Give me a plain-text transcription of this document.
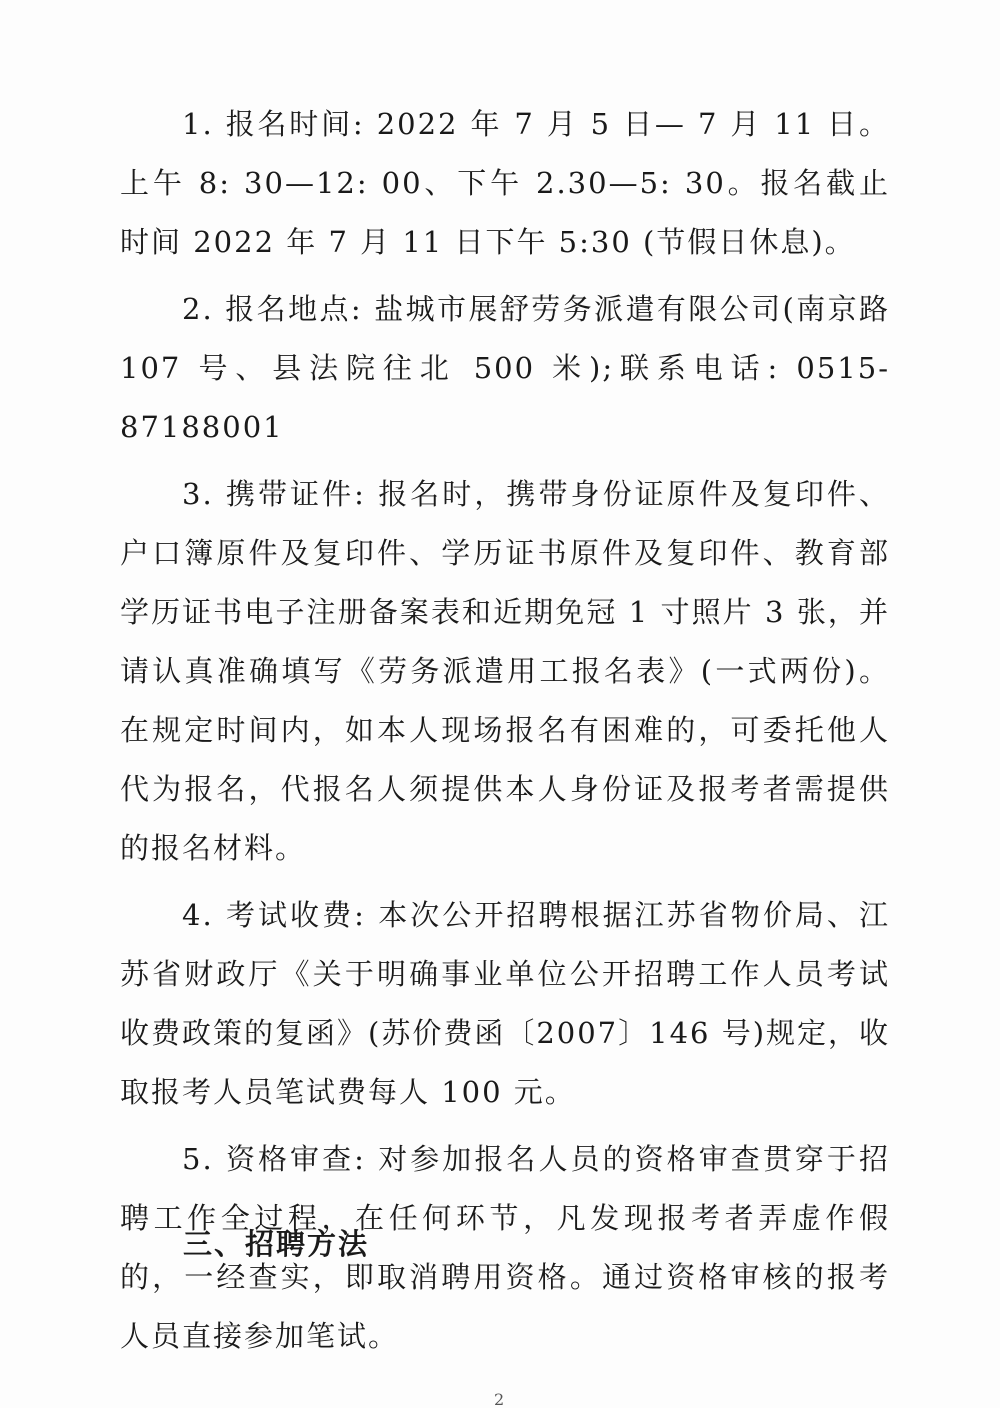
1. 报名时间: 2022 年 7 月 5 日— 7 月 11 日。上午 8: 30—12: 00、下午 2.30—5: 30。报名截止时间 2022 年 7 月 11 日下午 5:30 (节假日休息)。

2. 报名地点: 盐城市展舒劳务派遣有限公司(南京路 107 号、县法院往北 500 米);联系电话: 0515-87188001

3. 携带证件: 报名时，携带身份证原件及复印件、户口簿原件及复印件、学历证书原件及复印件、教育部学历证书电子注册备案表和近期免冠 1 寸照片 3 张，并请认真准确填写《劳务派遣用工报名表》(一式两份)。在规定时间内，如本人现场报名有困难的，可委托他人代为报名，代报名人须提供本人身份证及报考者需提供的报名材料。

4. 考试收费: 本次公开招聘根据江苏省物价局、江苏省财政厅《关于明确事业单位公开招聘工作人员考试收费政策的复函》(苏价费函〔2007〕146 号)规定，收取报考人员笔试费每人 100 元。

5. 资格审查: 对参加报名人员的资格审查贯穿于招聘工作全过程，在任何环节，凡发现报考者弄虚作假的，一经查实，即取消聘用资格。通过资格审核的报考人员直接参加笔试。

三、招聘方法
2
